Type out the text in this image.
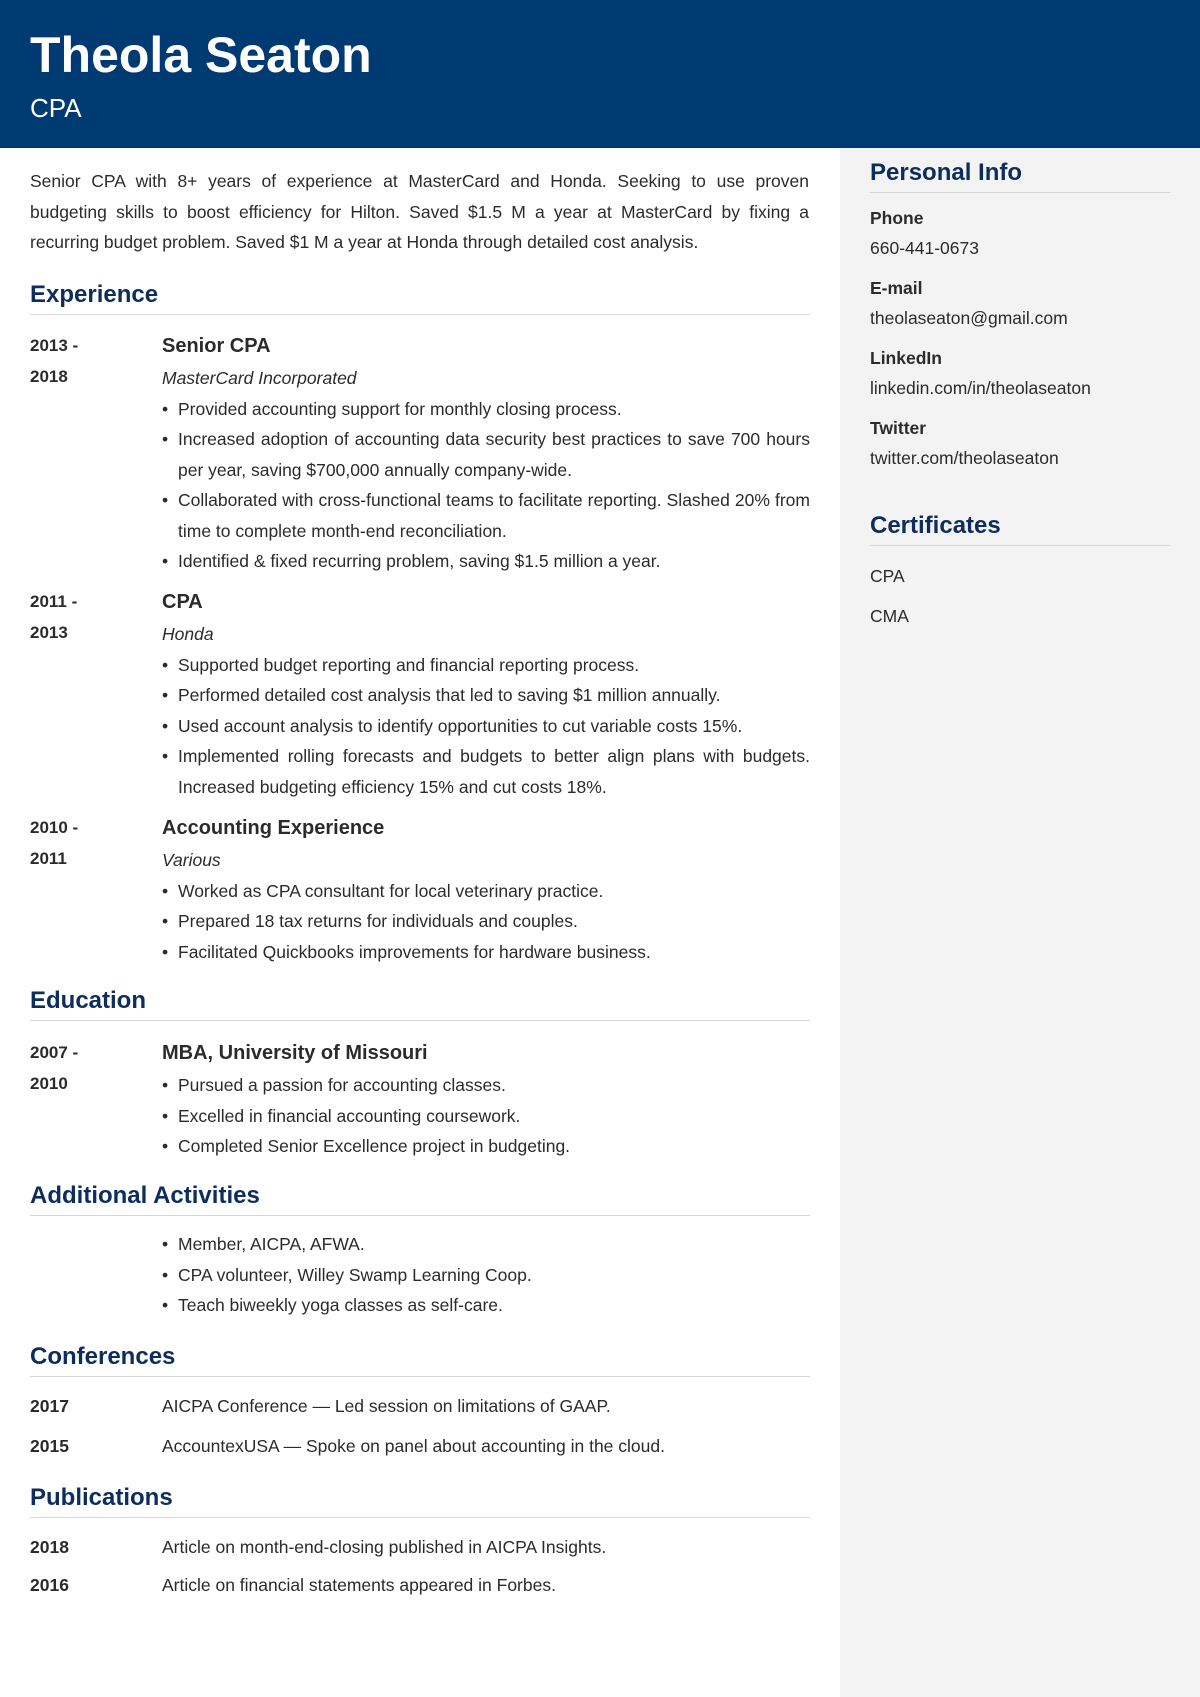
Theola Seaton
CPA
Personal Info
Phone
660-441-0673
E-mail
theolaseaton@gmail.com
LinkedIn
linkedin.com/in/theolaseaton
Twitter
twitter.com/theolaseaton
Certificates
CPA
CMA
Senior CPA with 8+ years of experience at MasterCard and Honda. Seeking to use proven budgeting skills to boost efficiency for Hilton. Saved $1.5 M a year at MasterCard by fixing a recurring budget problem. Saved $1 M a year at Honda through detailed cost analysis.
Experience
2013 -
2018
Senior CPA
MasterCard Incorporated
• Provided accounting support for monthly closing process.
• Increased adoption of accounting data security best practices to save 700 hours per year, saving $700,000 annually company-wide.
• Collaborated with cross-functional teams to facilitate reporting. Slashed 20% from time to complete month-end reconciliation.
• Identified & fixed recurring problem, saving $1.5 million a year.
2011 -
2013
CPA
Honda
• Supported budget reporting and financial reporting process.
• Performed detailed cost analysis that led to saving $1 million annually.
• Used account analysis to identify opportunities to cut variable costs 15%.
• Implemented rolling forecasts and budgets to better align plans with budgets. Increased budgeting efficiency 15% and cut costs 18%.
2010 -
2011
Accounting Experience
Various
• Worked as CPA consultant for local veterinary practice.
• Prepared 18 tax returns for individuals and couples.
• Facilitated Quickbooks improvements for hardware business.
Education
2007 -
2010
MBA, University of Missouri
• Pursued a passion for accounting classes.
• Excelled in financial accounting coursework.
• Completed Senior Excellence project in budgeting.
Additional Activities
• Member, AICPA, AFWA.
• CPA volunteer, Willey Swamp Learning Coop.
• Teach biweekly yoga classes as self-care.
Conferences
2017	AICPA Conference — Led session on limitations of GAAP.
2015	AccountexUSA — Spoke on panel about accounting in the cloud.
Publications
2018	Article on month-end-closing published in AICPA Insights.
2016	Article on financial statements appeared in Forbes.
